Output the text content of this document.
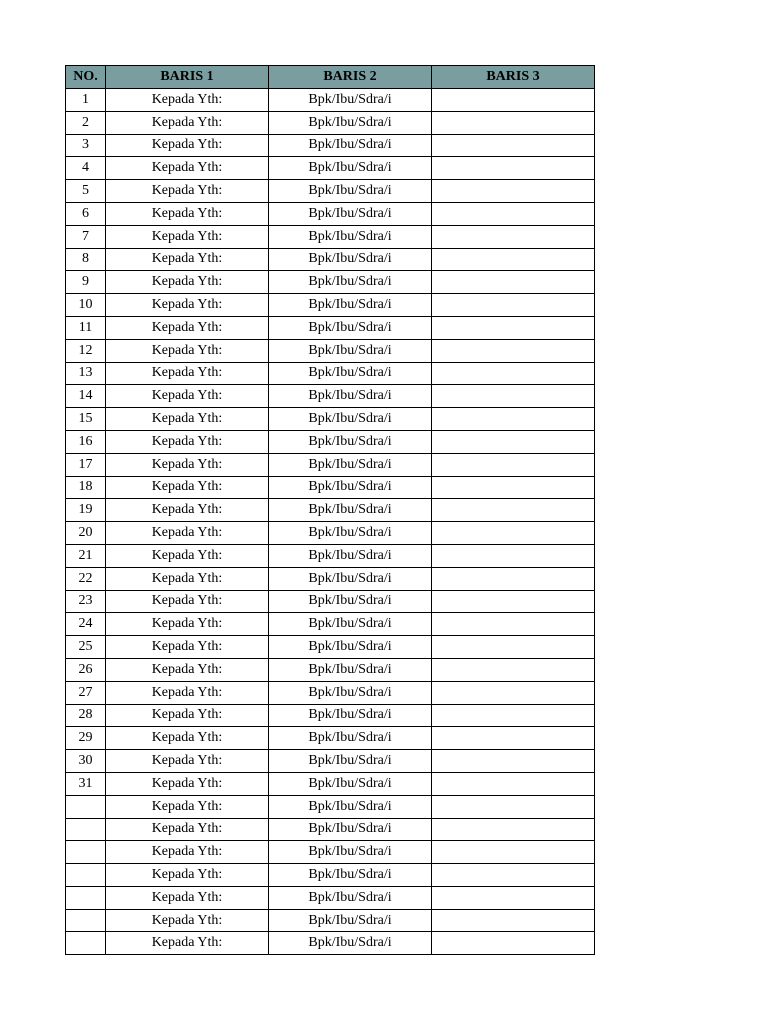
NO.	BARIS 1	BARIS 2	BARIS 3
1	Kepada Yth:	Bpk/Ibu/Sdra/i	
2	Kepada Yth:	Bpk/Ibu/Sdra/i	
3	Kepada Yth:	Bpk/Ibu/Sdra/i	
4	Kepada Yth:	Bpk/Ibu/Sdra/i	
5	Kepada Yth:	Bpk/Ibu/Sdra/i	
6	Kepada Yth:	Bpk/Ibu/Sdra/i	
7	Kepada Yth:	Bpk/Ibu/Sdra/i	
8	Kepada Yth:	Bpk/Ibu/Sdra/i	
9	Kepada Yth:	Bpk/Ibu/Sdra/i	
10	Kepada Yth:	Bpk/Ibu/Sdra/i	
11	Kepada Yth:	Bpk/Ibu/Sdra/i	
12	Kepada Yth:	Bpk/Ibu/Sdra/i	
13	Kepada Yth:	Bpk/Ibu/Sdra/i	
14	Kepada Yth:	Bpk/Ibu/Sdra/i	
15	Kepada Yth:	Bpk/Ibu/Sdra/i	
16	Kepada Yth:	Bpk/Ibu/Sdra/i	
17	Kepada Yth:	Bpk/Ibu/Sdra/i	
18	Kepada Yth:	Bpk/Ibu/Sdra/i	
19	Kepada Yth:	Bpk/Ibu/Sdra/i	
20	Kepada Yth:	Bpk/Ibu/Sdra/i	
21	Kepada Yth:	Bpk/Ibu/Sdra/i	
22	Kepada Yth:	Bpk/Ibu/Sdra/i	
23	Kepada Yth:	Bpk/Ibu/Sdra/i	
24	Kepada Yth:	Bpk/Ibu/Sdra/i	
25	Kepada Yth:	Bpk/Ibu/Sdra/i	
26	Kepada Yth:	Bpk/Ibu/Sdra/i	
27	Kepada Yth:	Bpk/Ibu/Sdra/i	
28	Kepada Yth:	Bpk/Ibu/Sdra/i	
29	Kepada Yth:	Bpk/Ibu/Sdra/i	
30	Kepada Yth:	Bpk/Ibu/Sdra/i	
31	Kepada Yth:	Bpk/Ibu/Sdra/i	
	Kepada Yth:	Bpk/Ibu/Sdra/i	
	Kepada Yth:	Bpk/Ibu/Sdra/i	
	Kepada Yth:	Bpk/Ibu/Sdra/i	
	Kepada Yth:	Bpk/Ibu/Sdra/i	
	Kepada Yth:	Bpk/Ibu/Sdra/i	
	Kepada Yth:	Bpk/Ibu/Sdra/i	
	Kepada Yth:	Bpk/Ibu/Sdra/i	
